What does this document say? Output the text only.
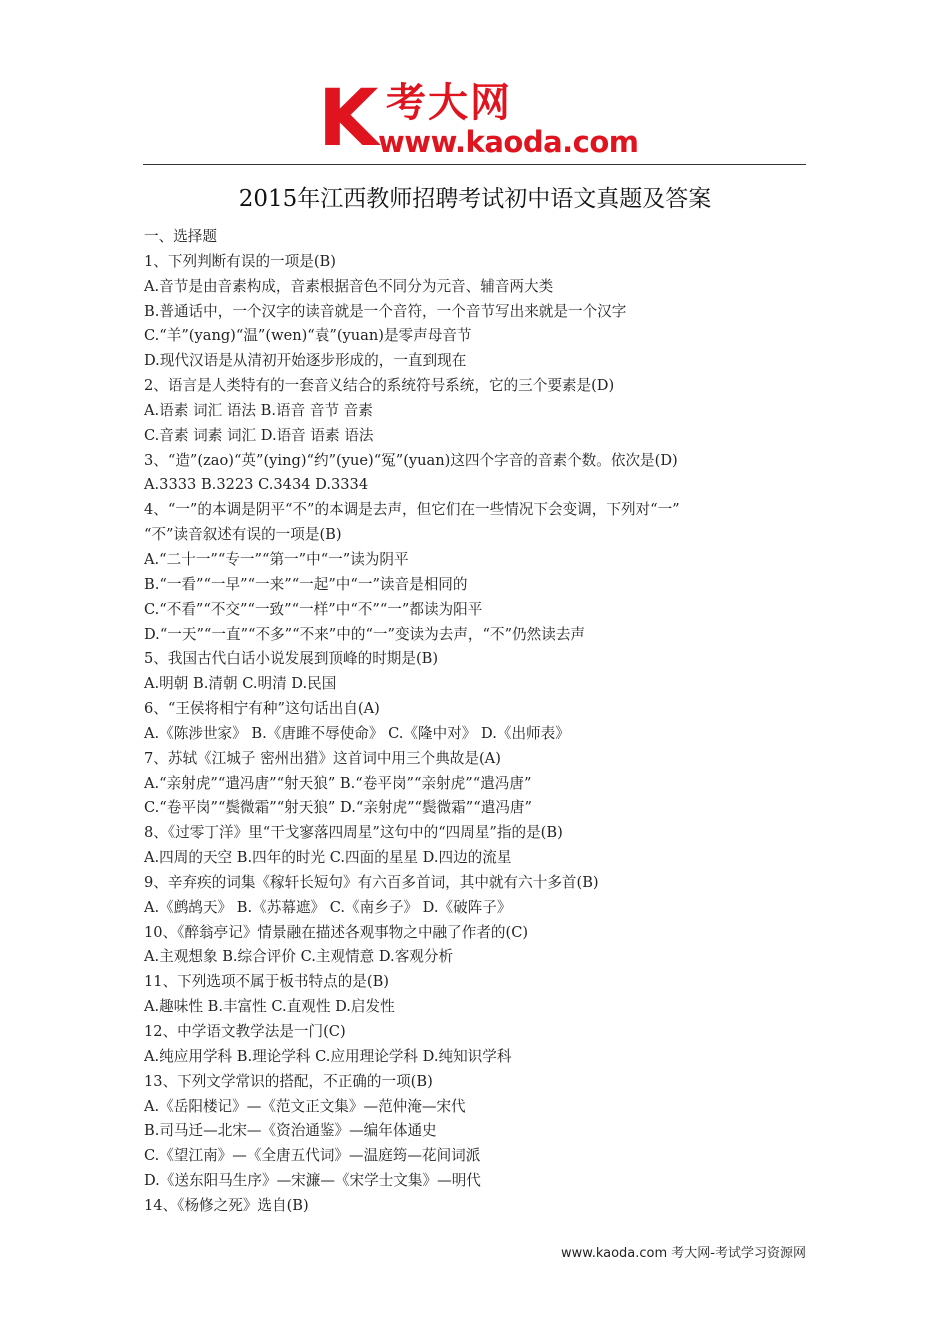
K 考大网
www.kaoda.com
2015年江西教师招聘考试初中语文真题及答案
一、选择题
1、下列判断有误的一项是(B)
A.音节是由音素构成，音素根据音色不同分为元音、辅音两大类
B.普通话中，一个汉字的读音就是一个音符，一个音节写出来就是一个汉字
C.“羊”(yang)“温”(wen)“袁”(yuan)是零声母音节
D.现代汉语是从清初开始逐步形成的，一直到现在
2、语言是人类特有的一套音义结合的系统符号系统，它的三个要素是(D)
A.语素 词汇 语法 B.语音 音节 音素
C.音素 词素 词汇 D.语音 语素 语法
3、“造”(zao)“英”(ying)“约”(yue)“冤”(yuan)这四个字音的音素个数。依次是(D)
A.3333 B.3223 C.3434 D.3334
4、“一”的本调是阴平“不”的本调是去声，但它们在一些情况下会变调，下列对“一”
“不”读音叙述有误的一项是(B)
A.“二十一”“专一”“第一”中“一”读为阴平
B.“一看”“一早”“一来”“一起”中“一”读音是相同的
C.“不看”“不交”“一致”“一样”中“不”“一”都读为阳平
D.“一天”“一直”“不多”“不来”中的“一”变读为去声，“不”仍然读去声
5、我国古代白话小说发展到顶峰的时期是(B)
A.明朝 B.清朝 C.明清 D.民国
6、“王侯将相宁有种”这句话出自(A)
A.《陈涉世家》 B.《唐雎不辱使命》 C.《隆中对》 D.《出师表》
7、苏轼《江城子 密州出猎》这首词中用三个典故是(A)
A.“亲射虎”“遣冯唐”“射天狼” B.“卷平岗”“亲射虎”“遣冯唐”
C.“卷平岗”“鬓微霜”“射天狼” D.“亲射虎”“鬓微霜”“遣冯唐”
8、《过零丁洋》里“干戈寥落四周星”这句中的“四周星”指的是(B)
A.四周的天空 B.四年的时光 C.四面的星星 D.四边的流星
9、辛弃疾的词集《稼轩长短句》有六百多首词，其中就有六十多首(B)
A.《鹧鸪天》 B.《苏幕遮》 C.《南乡子》 D.《破阵子》
10、《醉翁亭记》情景融在描述各观事物之中融了作者的(C)
A.主观想象 B.综合评价 C.主观情意 D.客观分析
11、下列选项不属于板书特点的是(B)
A.趣味性 B.丰富性 C.直观性 D.启发性
12、中学语文教学法是一门(C)
A.纯应用学科 B.理论学科 C.应用理论学科 D.纯知识学科
13、下列文学常识的搭配，不正确的一项(B)
A.《岳阳楼记》—《范文正文集》—范仲淹—宋代
B.司马迁—北宋—《资治通鉴》—编年体通史
C.《望江南》—《全唐五代词》—温庭筠—花间词派
D.《送东阳马生序》—宋濂—《宋学士文集》—明代
14、《杨修之死》选自(B)
www.kaoda.com 考大网-考试学习资源网
